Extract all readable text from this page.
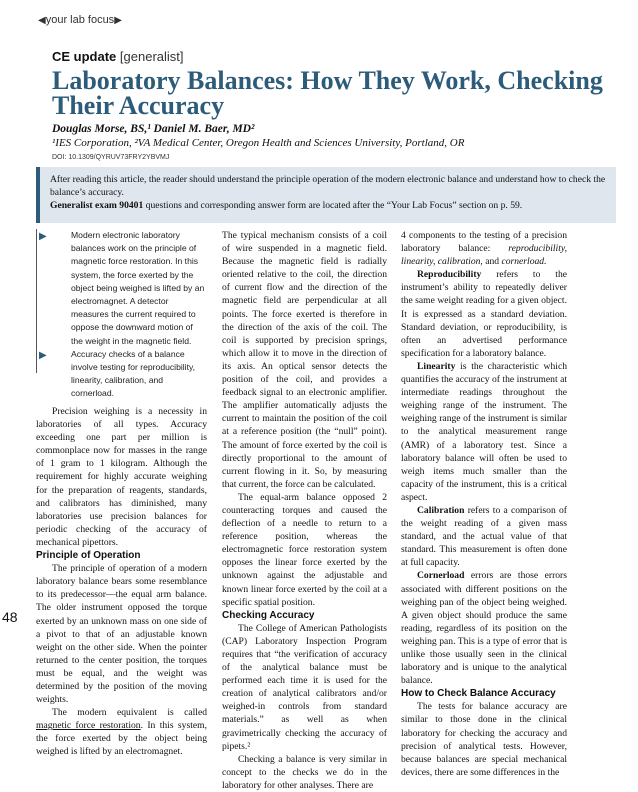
◀your lab focus▶
CE update [generalist]
Laboratory Balances: How They Work, Checking Their Accuracy
Douglas Morse, BS,¹ Daniel M. Baer, MD²
¹IES Corporation, ²VA Medical Center, Oregon Health and Sciences University, Portland, OR
DOI: 10.1309/QYRUV73FRY2YBVMJ
After reading this article, the reader should understand the principle operation of the modern electronic balance and understand how to check the balance’s accuracy.
Generalist exam 90401 questions and corresponding answer form are located after the “Your Lab Focus” section on p. 59.
▶	Modern electronic laboratory balances work on the principle of magnetic force restoration. In this system, the force exerted by the object being weighed is lifted by an electromagnet. A detector measures the current required to oppose the downward motion of the weight in the magnetic field.
▶	Accuracy checks of a balance involve testing for reproducibility, linearity, calibration, and cornerload.

Precision weighing is a necessity in laboratories of all types. Accuracy exceeding one part per million is commonplace now for masses in the range of 1 gram to 1 kilogram. Although the requirement for highly accurate weighing for the preparation of reagents, standards, and calibrators has diminished, many laboratories use precision balances for periodic checking of the accuracy of mechanical pipettors.

Principle of Operation

The principle of operation of a modern laboratory balance bears some resemblance to its predecessor—the equal arm balance. The older instrument opposed the torque exerted by an unknown mass on one side of a pivot to that of an adjustable known weight on the other side. When the pointer returned to the center position, the torques must be equal, and the weight was determined by the position of the moving weights.

The modern equivalent is called magnetic force restoration. In this system, the force exerted by the object being weighed is lifted by an electromagnet.

The typical mechanism consists of a coil of wire suspended in a magnetic field. Because the magnetic field is radially oriented relative to the coil, the direction of current flow and the direction of the magnetic field are perpendicular at all points. The force exerted is therefore in the direction of the axis of the coil. The coil is supported by precision springs, which allow it to move in the direction of its axis. An optical sensor detects the position of the coil, and provides a feedback signal to an electronic amplifier. The amplifier automatically adjusts the current to maintain the position of the coil at a reference position (the “null” point). The amount of force exerted by the coil is directly proportional to the amount of current flowing in it. So, by measuring that current, the force can be calculated.

The equal-arm balance opposed 2 counteracting torques and caused the deflection of a needle to return to a reference position, whereas the electromagnetic force restoration system opposes the linear force exerted by the unknown against the adjustable and known linear force exerted by the coil at a specific spatial position.

Checking Accuracy

The College of American Pathologists (CAP) Laboratory Inspection Program requires that “the verification of accuracy of the analytical balance must be performed each time it is used for the creation of analytical calibrators and/or weighed-in controls from standard materials.” as well as when gravimetrically checking the accuracy of pipets.²

Checking a balance is very similar in concept to the checks we do in the laboratory for other analyses. There are

4 components to the testing of a precision laboratory balance: reproducibility, linearity, calibration, and cornerload.

Reproducibility refers to the instrument’s ability to repeatedly deliver the same weight reading for a given object. It is expressed as a standard deviation. Standard deviation, or reproducibility, is often an advertised performance specification for a laboratory balance.

Linearity is the characteristic which quantifies the accuracy of the instrument at intermediate readings throughout the weighing range of the instrument. The weighing range of the instrument is similar to the analytical measurement range (AMR) of a laboratory test. Since a laboratory balance will often be used to weigh items much smaller than the capacity of the instrument, this is a critical aspect.

Calibration refers to a comparison of the weight reading of a given mass standard, and the actual value of that standard. This measurement is often done at full capacity.

Cornerload errors are those errors associated with different positions on the weighing pan of the object being weighed. A given object should produce the same reading, regardless of its position on the weighing pan. This is a type of error that is unlike those usually seen in the clinical laboratory and is unique to the analytical balance.

How to Check Balance Accuracy

The tests for balance accuracy are similar to those done in the clinical laboratory for checking the accuracy and precision of analytical tests. However, because balances are special mechanical devices, there are some differences in the

48
